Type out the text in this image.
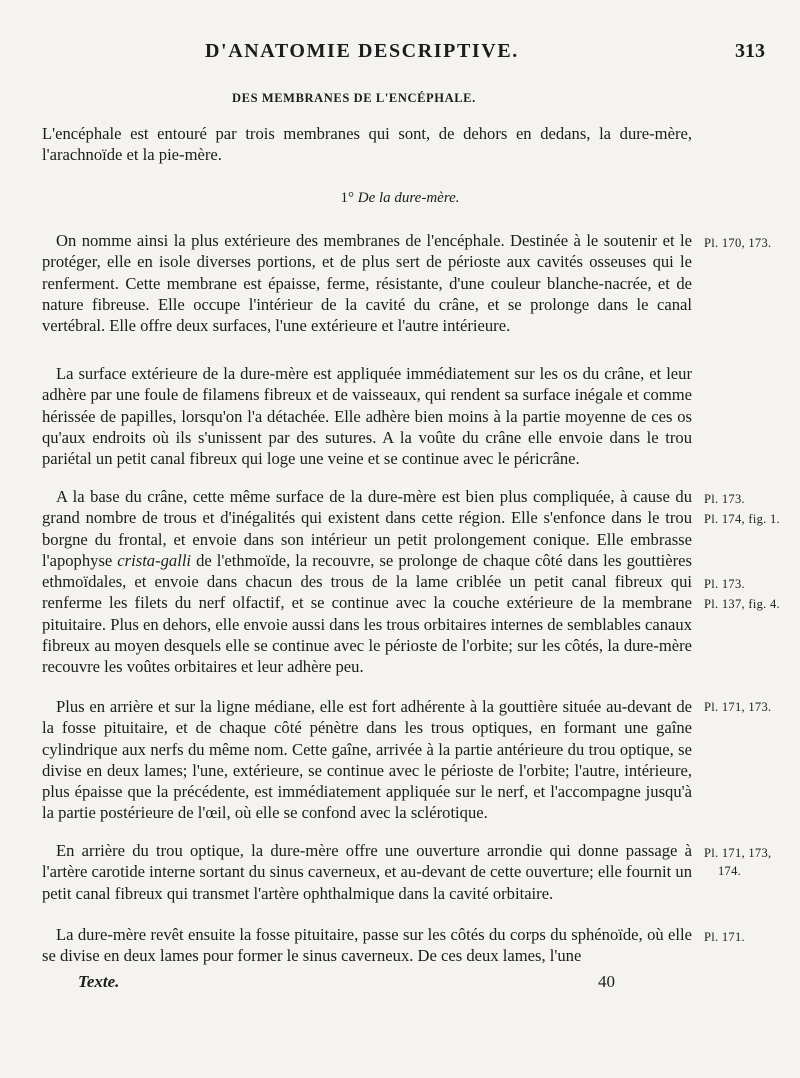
D'ANATOMIE DESCRIPTIVE.	313
DES MEMBRANES DE L'ENCÉPHALE.

L'encéphale est entouré par trois membranes qui sont, de dehors en dedans, la dure-mère, l'arachnoïde et la pie-mère.

On nomme ainsi la plus extérieure des membranes de l'encéphale. Destinée à le soutenir et le protéger, elle en isole diverses portions, et de plus sert de périoste aux cavités osseuses qui le renferment. Cette membrane est épaisse, ferme, résistante, d'une couleur blanche-nacrée, et de nature fibreuse. Elle occupe l'intérieur de la cavité du crâne, et se prolonge dans le canal vertébral. Elle offre deux surfaces, l'une extérieure et l'autre intérieure.

La surface extérieure de la dure-mère est appliquée immédiatement sur les os du crâne, et leur adhère par une foule de filamens fibreux et de vaisseaux, qui rendent sa surface inégale et comme hérissée de papilles, lorsqu'on l'a détachée. Elle adhère bien moins à la partie moyenne de ces os qu'aux endroits où ils s'unissent par des sutures. A la voûte du crâne elle envoie dans le trou pariétal un petit canal fibreux qui loge une veine et se continue avec le péricrâne.

A la base du crâne, cette même surface de la dure-mère est bien plus compliquée, à cause du grand nombre de trous et d'inégalités qui existent dans cette région. Elle s'enfonce dans le trou borgne du frontal, et envoie dans son intérieur un petit prolongement conique. Elle embrasse l'apophyse crista-galli de l'ethmoïde, la recouvre, se prolonge de chaque côté dans les gouttières ethmoïdales, et envoie dans chacun des trous de la lame criblée un petit canal fibreux qui renferme les filets du nerf olfactif, et se continue avec la couche extérieure de la membrane pituitaire. Plus en dehors, elle envoie aussi dans les trous orbitaires internes de semblables canaux fibreux au moyen desquels elle se continue avec le périoste de l'orbite; sur les côtés, la dure-mère recouvre les voûtes orbitaires et leur adhère peu.

Plus en arrière et sur la ligne médiane, elle est fort adhérente à la gouttière située au-devant de la fosse pituitaire, et de chaque côté pénètre dans les trous optiques, en formant une gaîne cylindrique aux nerfs du même nom. Cette gaîne, arrivée à la partie antérieure du trou optique, se divise en deux lames; l'une, extérieure, se continue avec le périoste de l'orbite; l'autre, intérieure, plus épaisse que la précédente, est immédiatement appliquée sur le nerf, et l'accompagne jusqu'à la partie postérieure de l'œil, où elle se confond avec la sclérotique.

En arrière du trou optique, la dure-mère offre une ouverture arrondie qui donne passage à l'artère carotide interne sortant du sinus caverneux, et au-devant de cette ouverture; elle fournit un petit canal fibreux qui transmet l'artère ophthalmique dans la cavité orbitaire.

La dure-mère revêt ensuite la fosse pituitaire, passe sur les côtés du corps du sphénoïde, où elle se divise en deux lames pour former le sinus caverneux. De ces deux lames, l'une

1° De la dure-mère.
Pl. 170, 173.
Pl. 173.
Pl. 174, fig. 1.
Pl. 173.
Pl. 137, fig. 4.
Pl. 171, 173.
Pl. 171, 173,
174.
Pl. 171.
Texte.	40
